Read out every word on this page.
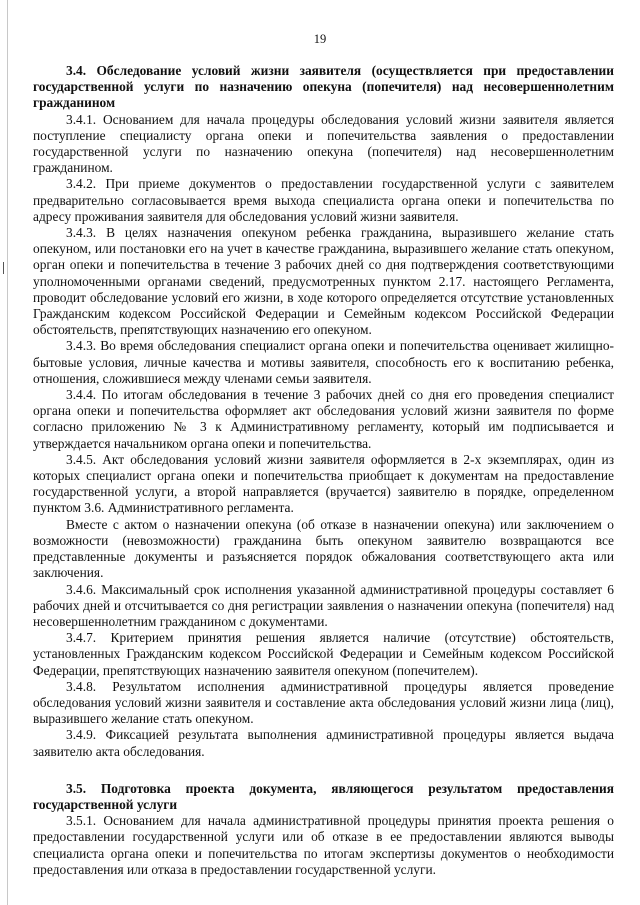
19

3.4. Обследование условий жизни заявителя (осуществляется при предоставлении государственной услуги по назначению опекуна (попечителя) над несовершеннолетним гражданином

3.4.1. Основанием для начала процедуры обследования условий жизни заявителя является поступление специалисту органа опеки и попечительства заявления о предоставлении государственной услуги по назначению опекуна (попечителя) над несовершеннолетним гражданином.

3.4.2. При приеме документов о предоставлении государственной услуги с заявителем предварительно согласовывается время выхода специалиста органа опеки и попечительства по адресу проживания заявителя для обследования условий жизни заявителя.

3.4.3. В целях назначения опекуном ребенка гражданина, выразившего желание стать опекуном, или постановки его на учет в качестве гражданина, выразившего желание стать опекуном, орган опеки и попечительства в течение 3 рабочих дней со дня подтверждения соответствующими уполномоченными органами сведений, предусмотренных пунктом 2.17. настоящего Регламента, проводит обследование условий его жизни, в ходе которого определяется отсутствие установленных Гражданским кодексом Российской Федерации и Семейным кодексом Российской Федерации обстоятельств, препятствующих назначению его опекуном.

3.4.3. Во время обследования специалист органа опеки и попечительства оценивает жилищно-бытовые условия, личные качества и мотивы заявителя, способность его к воспитанию ребенка, отношения, сложившиеся между членами семьи заявителя.

3.4.4. По итогам обследования в течение 3 рабочих дней со дня его проведения специалист органа опеки и попечительства оформляет акт обследования условий жизни заявителя по форме согласно приложению № 3 к Административному регламенту, который им подписывается и утверждается начальником органа опеки и попечительства.

3.4.5. Акт обследования условий жизни заявителя оформляется в 2-х экземплярах, один из которых специалист органа опеки и попечительства приобщает к документам на предоставление государственной услуги, а второй направляется (вручается) заявителю в порядке, определенном пунктом 3.6. Административного регламента.

Вместе с актом о назначении опекуна (об отказе в назначении опекуна) или заключением о возможности (невозможности) гражданина быть опекуном заявителю возвращаются все представленные документы и разъясняется порядок обжалования соответствующего акта или заключения.

3.4.6. Максимальный срок исполнения указанной административной процедуры составляет 6 рабочих дней и отсчитывается со дня регистрации заявления о назначении опекуна (попечителя) над несовершеннолетним гражданином с документами.

3.4.7. Критерием принятия решения является наличие (отсутствие) обстоятельств, установленных Гражданским кодексом Российской Федерации и Семейным кодексом Российской Федерации, препятствующих назначению заявителя опекуном (попечителем).

3.4.8. Результатом исполнения административной процедуры является проведение обследования условий жизни заявителя и составление акта обследования условий жизни лица (лиц), выразившего желание стать опекуном.

3.4.9. Фиксацией результата выполнения административной процедуры является выдача заявителю акта обследования.

3.5. Подготовка проекта документа, являющегося результатом предоставления государственной услуги

3.5.1. Основанием для начала административной процедуры принятия проекта решения о предоставлении государственной услуги или об отказе в ее предоставлении являются выводы специалиста органа опеки и попечительства по итогам экспертизы документов о необходимости предоставления или отказа в предоставлении государственной услуги.
